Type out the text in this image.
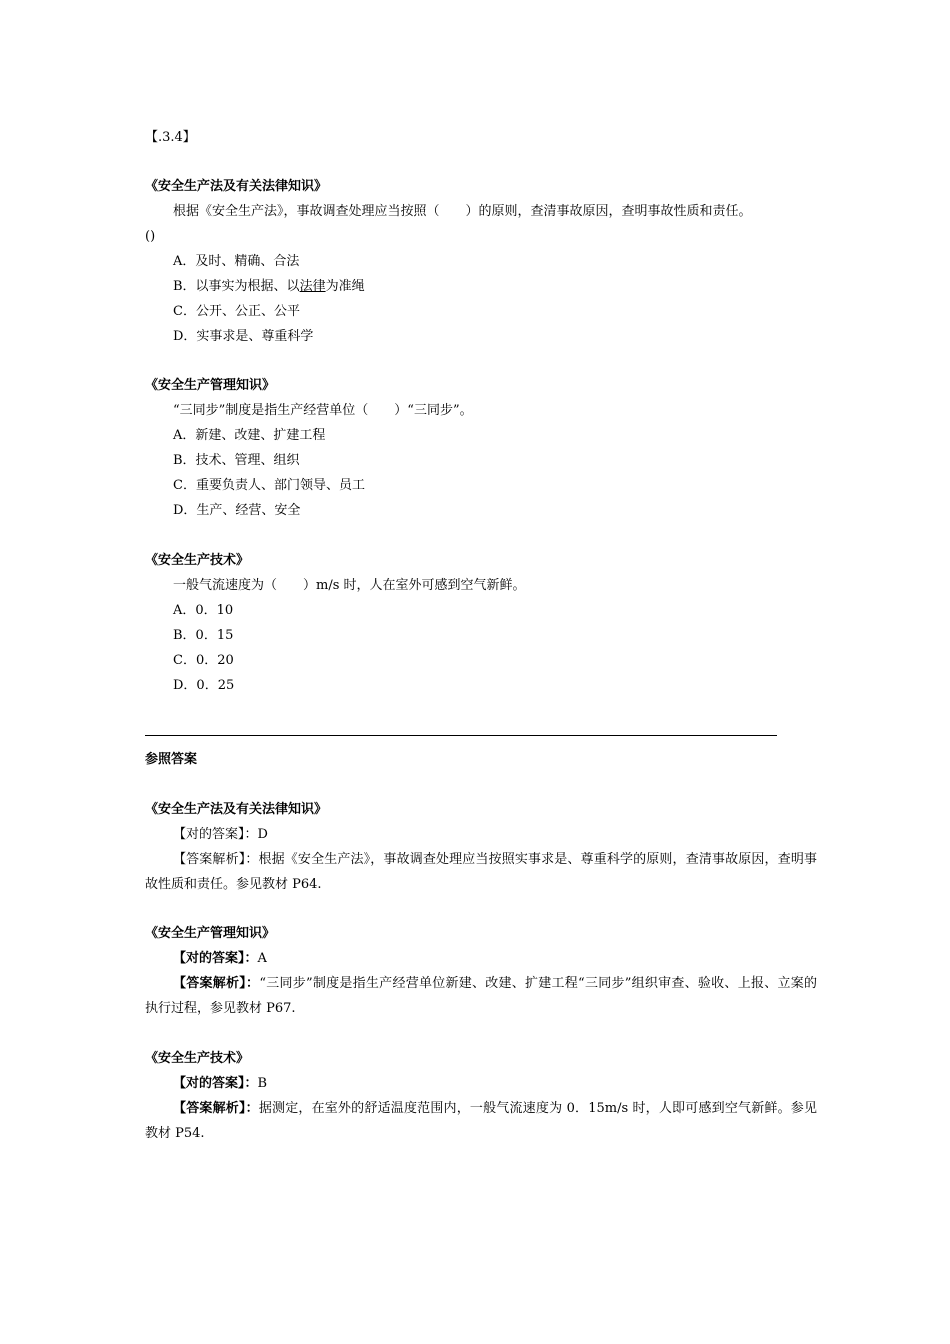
【.3.4】
《安全生产法及有关法律知识》
根据《安全生产法》，事故调查处理应当按照（　　）的原则，查清事故原因，查明事故性质和责任。
()
A．及时、精确、合法
B．以事实为根据、以法律为准绳
C．公开、公正、公平
D．实事求是、尊重科学
《安全生产管理知识》
“三同步”制度是指生产经营单位（　　）“三同步”。
A．新建、改建、扩建工程
B．技术、管理、组织
C．重要负责人、部门领导、员工
D．生产、经营、安全
《安全生产技术》
一般气流速度为（　　）m/s 时，人在室外可感到空气新鲜。
A．0．10
B．0．15
C．0．20
D．0．25
参照答案
《安全生产法及有关法律知识》
【对的答案】：D
【答案解析】：根据《安全生产法》，事故调查处理应当按照实事求是、尊重科学的原则，查清事故原因，查明事故性质和责任。参见教材 P64.
《安全生产管理知识》
【对的答案】：A
【答案解析】：“三同步”制度是指生产经营单位新建、改建、扩建工程“三同步”组织审查、验收、上报、立案的执行过程，参见教材 P67.
《安全生产技术》
【对的答案】：B
【答案解析】：据测定，在室外的舒适温度范围内，一般气流速度为 0．15m/s 时，人即可感到空气新鲜。参见教材 P54.
